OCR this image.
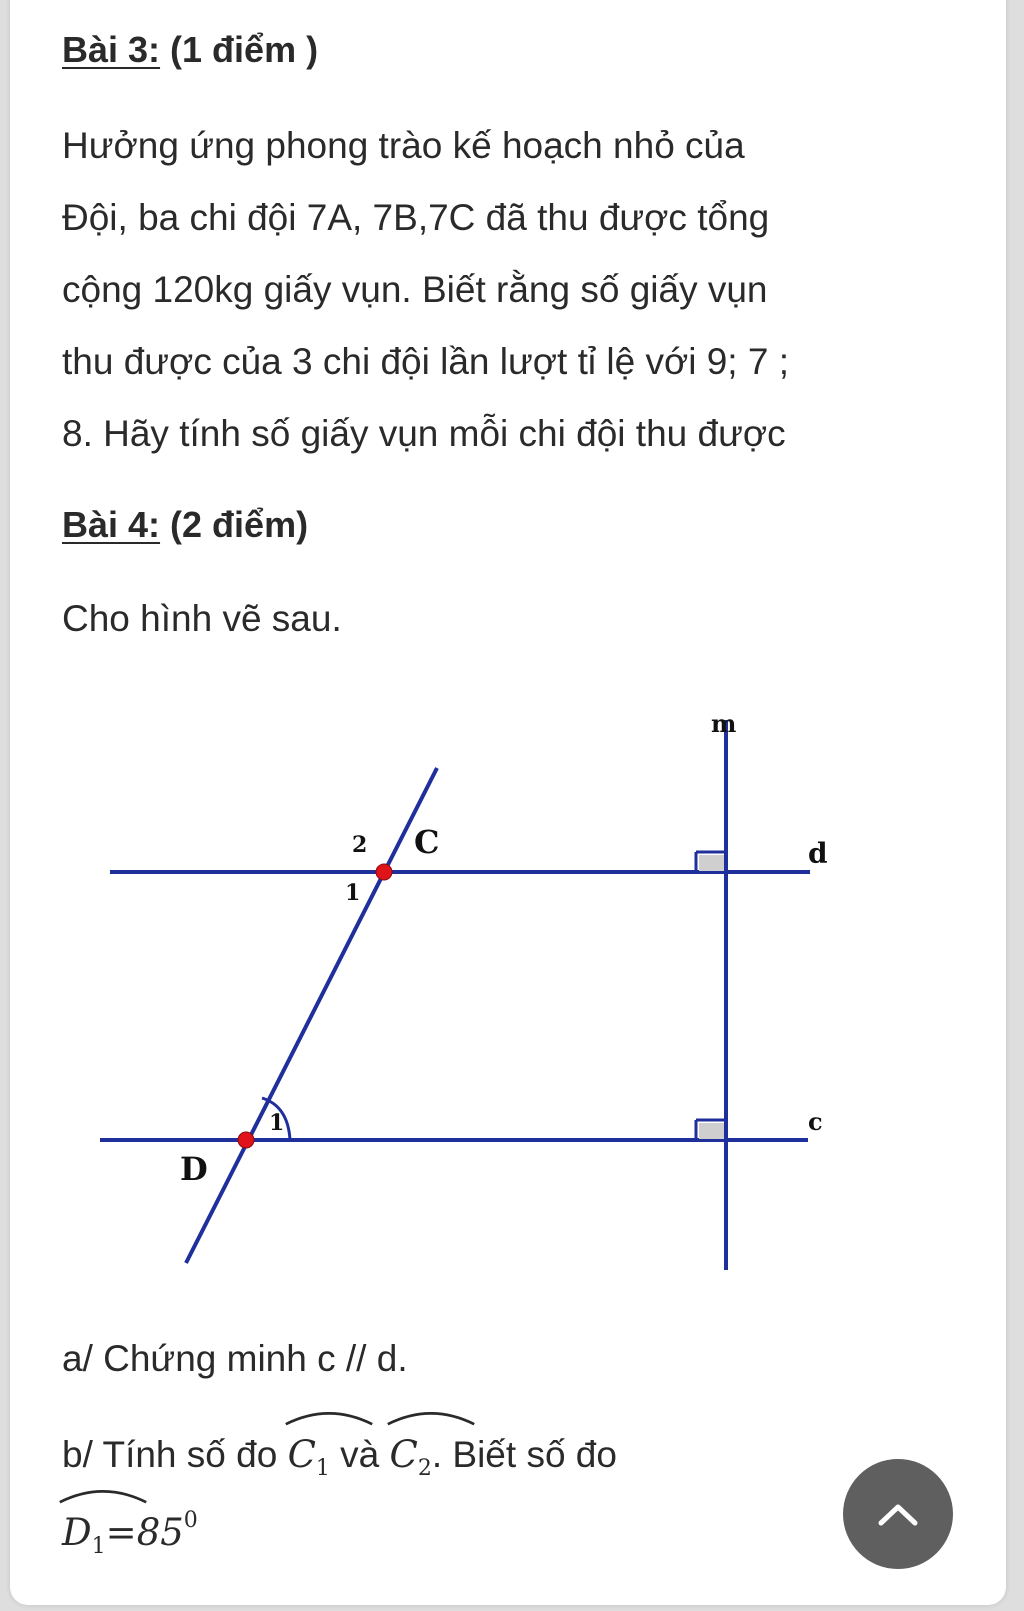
Bài 3: (1 điểm )
Hưởng ứng phong trào kế hoạch nhỏ của
Đội, ba chi đội 7A, 7B,7C đã thu được tổng
cộng 120kg giấy vụn. Biết rằng số giấy vụn
thu được của 3 chi đội lần lượt tỉ lệ với 9; 7 ;
8. Hãy tính số giấy vụn mỗi chi đội thu được
Bài 4: (2 điểm)
Cho hình vẽ sau.
a/ Chứng minh c // d.
b/ Tính số đo
$C_1$ và
$C_2$. Biết số đo
$D_1=85^0$
m
d
c
C
D
2
1
1
